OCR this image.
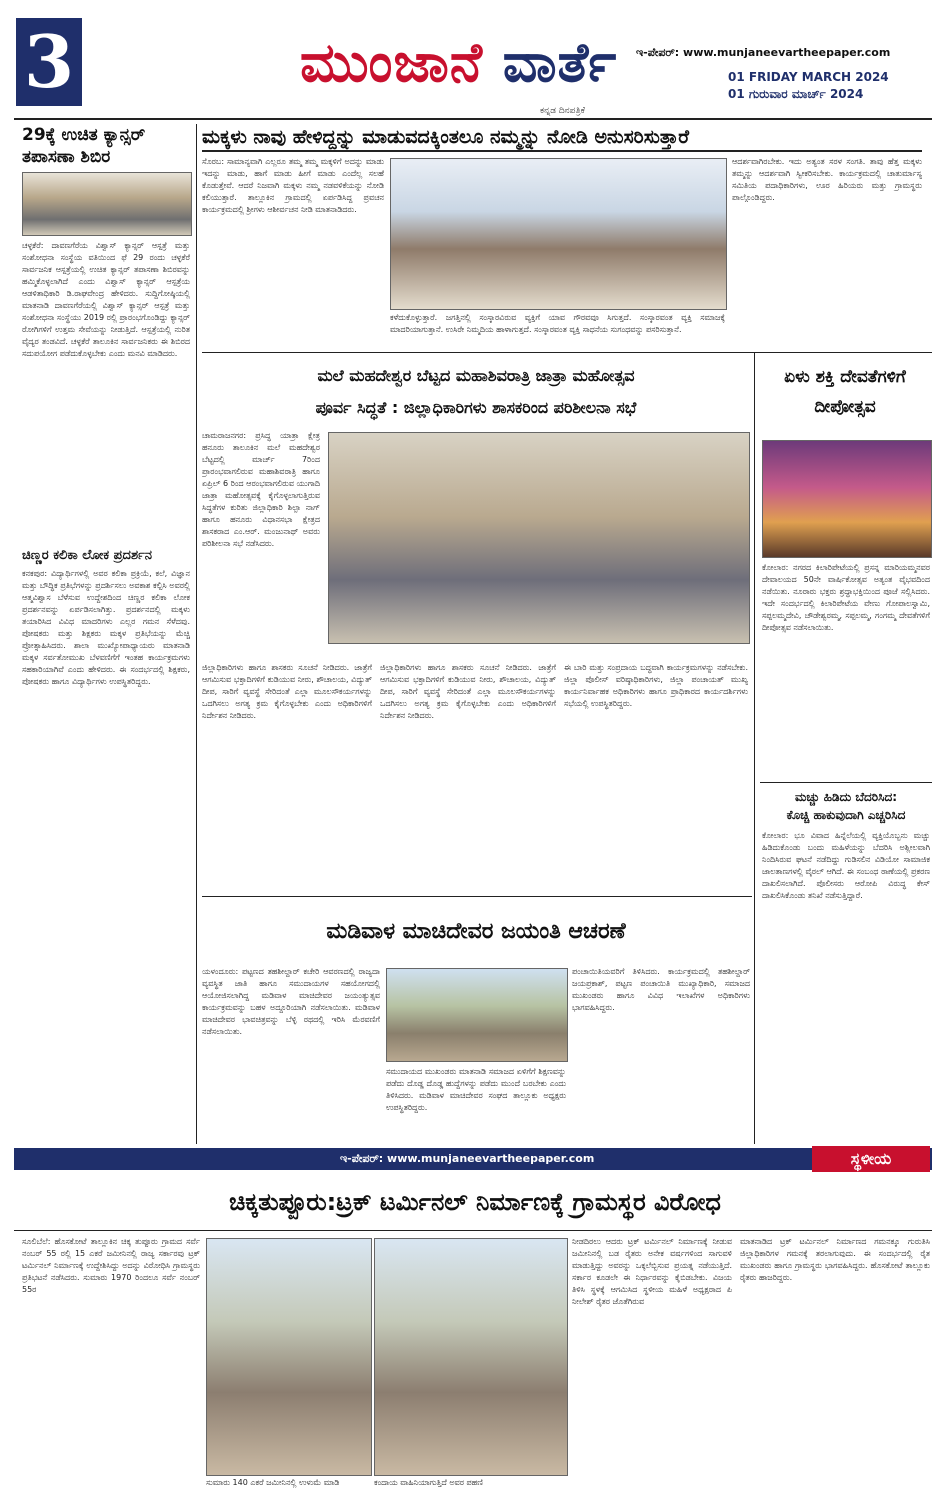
3	ಮುಂಜಾನೆ ವಾರ್ತೆ
ಕನ್ನಡ ದಿನಪತ್ರಿಕೆ
ಇ-ಪೇಪರ್: www.munjaneevartheepaper.com
01 FRIDAY MARCH 2024
01 ಗುರುವಾರ ಮಾರ್ಚ್ 2024
29ಕ್ಕೆ ಉಚಿತ ಕ್ಯಾನ್ಸರ್ ತಪಾಸಣಾ ಶಿಬಿರ
ಚಳ್ಳಕೆರೆ: ದಾವಣಗೆರೆಯ ವಿಶ್ವಾಸ್ ಕ್ಯಾನ್ಸರ್ ಆಸ್ಪತ್ರೆ ಮತ್ತು ಸಂಶೋಧನಾ ಸಂಸ್ಥೆಯ ವತಿಯಿಂದ ಫೆ 29 ರಂದು ಚಳ್ಳಕೆರೆ ಸಾರ್ವಜನಿಕ ಆಸ್ಪತ್ರೆಯಲ್ಲಿ ಉಚಿತ ಕ್ಯಾನ್ಸರ್ ತಪಾಸಣಾ ಶಿಬಿರವನ್ನು ಹಮ್ಮಿಕೊಳ್ಳಲಾಗಿದೆ ಎಂದು ವಿಶ್ವಾಸ್ ಕ್ಯಾನ್ಸರ್ ಆಸ್ಪತ್ರೆಯ ಆಡಳಿತಾಧಿಕಾರಿ ಡಿ.ರಾಘವೇಂದ್ರ ಹೇಳಿದರು. ಸುದ್ದಿಗೋಷ್ಠಿಯಲ್ಲಿ ಮಾತನಾಡಿ ದಾವಣಗೆರೆಯಲ್ಲಿ ವಿಶ್ವಾಸ್ ಕ್ಯಾನ್ಸರ್ ಆಸ್ಪತ್ರೆ ಮತ್ತು ಸಂಶೋಧನಾ ಸಂಸ್ಥೆಯು 2019 ರಲ್ಲಿ ಪ್ರಾರಂಭಗೊಂಡಿದ್ದು ಕ್ಯಾನ್ಸರ್ ರೋಗಿಗಳಿಗೆ ಉತ್ತಮ ಸೇವೆಯನ್ನು ನೀಡುತ್ತಿದೆ. ಆಸ್ಪತ್ರೆಯಲ್ಲಿ ನುರಿತ ವೈದ್ಯರ ತಂಡವಿದೆ. ಚಳ್ಳಕೆರೆ ತಾಲೂಕಿನ ಸಾರ್ವಜನಿಕರು ಈ ಶಿಬಿರದ ಸದುಪಯೋಗ ಪಡೆದುಕೊಳ್ಳಬೇಕು ಎಂದು ಮನವಿ ಮಾಡಿದರು.
ಚಿಣ್ಣರ ಕಲಿಕಾ ಲೋಕ ಪ್ರದರ್ಶನ
ಕನಕಪುರ: ವಿದ್ಯಾರ್ಥಿಗಳಲ್ಲಿ ಅವರ ಕಲಿಕಾ ಪ್ರಕ್ರಿಯೆ, ಕಲೆ, ವಿಜ್ಞಾನ ಮತ್ತು ಬೌದ್ಧಿಕ ಪ್ರತಿಭೆಗಳನ್ನು ಪ್ರದರ್ಶಿಸಲು ಅವಕಾಶ ಕಲ್ಪಿಸಿ ಅವರಲ್ಲಿ ಆತ್ಮವಿಶ್ವಾಸ ಬೆಳೆಸುವ ಉದ್ದೇಶದಿಂದ ಚಿಣ್ಣರ ಕಲಿಕಾ ಲೋಕ ಪ್ರದರ್ಶನವನ್ನು ಏರ್ಪಡಿಸಲಾಗಿತ್ತು. ಪ್ರದರ್ಶನದಲ್ಲಿ ಮಕ್ಕಳು ತಯಾರಿಸಿದ ವಿವಿಧ ಮಾದರಿಗಳು ಎಲ್ಲರ ಗಮನ ಸೆಳೆದವು. ಪೋಷಕರು ಮತ್ತು ಶಿಕ್ಷಕರು ಮಕ್ಕಳ ಪ್ರತಿಭೆಯನ್ನು ಮೆಚ್ಚಿ ಪ್ರೋತ್ಸಾಹಿಸಿದರು. ಶಾಲಾ ಮುಖ್ಯೋಪಾಧ್ಯಾಯರು ಮಾತನಾಡಿ ಮಕ್ಕಳ ಸರ್ವತೋಮುಖ ಬೆಳವಣಿಗೆಗೆ ಇಂತಹ ಕಾರ್ಯಕ್ರಮಗಳು ಸಹಕಾರಿಯಾಗಿವೆ ಎಂದು ಹೇಳಿದರು. ಈ ಸಂದರ್ಭದಲ್ಲಿ ಶಿಕ್ಷಕರು, ಪೋಷಕರು ಹಾಗೂ ವಿದ್ಯಾರ್ಥಿಗಳು ಉಪಸ್ಥಿತರಿದ್ದರು.
ಮಕ್ಕಳು ನಾವು ಹೇಳಿದ್ದನ್ನು ಮಾಡುವದಕ್ಕಿಂತಲೂ ನಮ್ಮನ್ನು ನೋಡಿ ಅನುಸರಿಸುತ್ತಾರೆ
ಸೊರಬ: ಸಾಮಾನ್ಯವಾಗಿ ಎಲ್ಲರೂ ತಮ್ಮ ತಮ್ಮ ಮಕ್ಕಳಿಗೆ ಅದನ್ನು ಮಾಡು ಇದನ್ನು ಮಾಡು, ಹಾಗೆ ಮಾಡು ಹೀಗೆ ಮಾಡು ಎಂದೆಲ್ಲ ಸಲಹೆ ಕೊಡುತ್ತೇವೆ. ಆದರೆ ನಿಜವಾಗಿ ಮಕ್ಕಳು ನಮ್ಮ ನಡವಳಿಕೆಯನ್ನು ನೋಡಿ ಕಲಿಯುತ್ತಾರೆ. ತಾಲ್ಲೂಕಿನ ಗ್ರಾಮದಲ್ಲಿ ಏರ್ಪಡಿಸಿದ್ದ ಪ್ರವಚನ ಕಾರ್ಯಕ್ರಮದಲ್ಲಿ ಶ್ರೀಗಳು ಆಶೀರ್ವಚನ ನೀಡಿ ಮಾತನಾಡಿದರು.
ಕಳೆದುಕೊಳ್ಳುತ್ತಾರೆ. ಜಗತ್ತಿನಲ್ಲಿ ಸಂಸ್ಕಾರವಿರುವ ವ್ಯಕ್ತಿಗೆ ಯಾವ ಗೌರವವೂ ಸಿಗುತ್ತದೆ. ಸಂಸ್ಕಾರವಂತ ವ್ಯಕ್ತಿ ಸಮಾಜಕ್ಕೆ ಮಾದರಿಯಾಗುತ್ತಾನೆ. ಉಸಿರೇ ನಿಮ್ಮದಿಯ ಹಾಳಾಗುತ್ತದೆ. ಸಂಸ್ಕಾರವಂತ ವ್ಯಕ್ತಿ ಸಾಧನೆಯ ಸುಗಂಧವನ್ನು ಪಸರಿಸುತ್ತಾನೆ.
ಆದರ್ಶವಾಗಿರಬೇಕು. ಇದು ಅತ್ಯಂತ ಸರಳ ಸಂಗತಿ. ತಾವು ಹೆತ್ತ ಮಕ್ಕಳು ತಮ್ಮನ್ನು ಆದರ್ಶವಾಗಿ ಸ್ವೀಕರಿಸಬೇಕು. ಕಾರ್ಯಕ್ರಮದಲ್ಲಿ ಚಾತುರ್ಮಾಸ್ಯ ಸಮಿತಿಯ ಪದಾಧಿಕಾರಿಗಳು, ಊರ ಹಿರಿಯರು ಮತ್ತು ಗ್ರಾಮಸ್ಥರು ಪಾಲ್ಗೊಂಡಿದ್ದರು.
ಮಲೆ ಮಹದೇಶ್ವರ ಬೆಟ್ಟದ ಮಹಾಶಿವರಾತ್ರಿ ಜಾತ್ರಾ ಮಹೋತ್ಸವ
ಪೂರ್ವ ಸಿದ್ಧತೆ : ಜಿಲ್ಲಾಧಿಕಾರಿಗಳು ಶಾಸಕರಿಂದ ಪರಿಶೀಲನಾ ಸಭೆ
ಚಾಮರಾಜನಗರ: ಪ್ರಸಿದ್ಧ ಯಾತ್ರಾ ಕ್ಷೇತ್ರ ಹನೂರು ತಾಲೂಕಿನ ಮಲೆ ಮಹದೇಶ್ವರ ಬೆಟ್ಟದಲ್ಲಿ ಮಾರ್ಚ್ 7ರಿಂದ ಪ್ರಾರಂಭವಾಗಲಿರುವ ಮಹಾಶಿವರಾತ್ರಿ ಹಾಗೂ ಏಪ್ರಿಲ್ 6 ರಿಂದ ಆರಂಭವಾಗಲಿರುವ ಯುಗಾದಿ ಜಾತ್ರಾ ಮಹೋತ್ಸವಕ್ಕೆ ಕೈಗೊಳ್ಳಲಾಗುತ್ತಿರುವ ಸಿದ್ಧತೆಗಳ ಕುರಿತು ಜಿಲ್ಲಾಧಿಕಾರಿ ಶಿಲ್ಪಾ ನಾಗ್ ಹಾಗೂ ಹನೂರು ವಿಧಾನಸಭಾ ಕ್ಷೇತ್ರದ ಶಾಸಕರಾದ ಎಂ.ಆರ್. ಮಂಜುನಾಥ್ ಅವರು ಪರಿಶೀಲನಾ ಸಭೆ ನಡೆಸಿದರು.
ಜಿಲ್ಲಾಧಿಕಾರಿಗಳು ಹಾಗೂ ಶಾಸಕರು ಸೂಚನೆ ನೀಡಿದರು. ಜಾತ್ರೆಗೆ ಆಗಮಿಸುವ ಭಕ್ತಾದಿಗಳಿಗೆ ಕುಡಿಯುವ ನೀರು, ಶೌಚಾಲಯ, ವಿದ್ಯುತ್ ದೀಪ, ಸಾರಿಗೆ ವ್ಯವಸ್ಥೆ ಸೇರಿದಂತೆ ಎಲ್ಲಾ ಮೂಲಸೌಕರ್ಯಗಳನ್ನು ಒದಗಿಸಲು ಅಗತ್ಯ ಕ್ರಮ ಕೈಗೊಳ್ಳಬೇಕು ಎಂದು ಅಧಿಕಾರಿಗಳಿಗೆ ನಿರ್ದೇಶನ ನೀಡಿದರು.
ಜಿಲ್ಲಾಧಿಕಾರಿಗಳು ಹಾಗೂ ಶಾಸಕರು ಸೂಚನೆ ನೀಡಿದರು. ಜಾತ್ರೆಗೆ ಆಗಮಿಸುವ ಭಕ್ತಾದಿಗಳಿಗೆ ಕುಡಿಯುವ ನೀರು, ಶೌಚಾಲಯ, ವಿದ್ಯುತ್ ದೀಪ, ಸಾರಿಗೆ ವ್ಯವಸ್ಥೆ ಸೇರಿದಂತೆ ಎಲ್ಲಾ ಮೂಲಸೌಕರ್ಯಗಳನ್ನು ಒದಗಿಸಲು ಅಗತ್ಯ ಕ್ರಮ ಕೈಗೊಳ್ಳಬೇಕು ಎಂದು ಅಧಿಕಾರಿಗಳಿಗೆ ನಿರ್ದೇಶನ ನೀಡಿದರು.
ಈ ಬಾರಿ ಮತ್ತು ಸಂಪ್ರದಾಯ ಬದ್ಧವಾಗಿ ಕಾರ್ಯಕ್ರಮಗಳನ್ನು ನಡೆಸಬೇಕು. ಜಿಲ್ಲಾ ಪೊಲೀಸ್ ವರಿಷ್ಠಾಧಿಕಾರಿಗಳು, ಜಿಲ್ಲಾ ಪಂಚಾಯತ್ ಮುಖ್ಯ ಕಾರ್ಯನಿರ್ವಾಹಕ ಅಧಿಕಾರಿಗಳು ಹಾಗೂ ಪ್ರಾಧಿಕಾರದ ಕಾರ್ಯದರ್ಶಿಗಳು ಸಭೆಯಲ್ಲಿ ಉಪಸ್ಥಿತರಿದ್ದರು.
ಏಳು ಶಕ್ತಿ ದೇವತೆಗಳಿಗೆ ದೀಪೋತ್ಸವ
ಕೋಲಾರ: ನಗರದ ಕಿಲಾರಿಪೇಟೆಯಲ್ಲಿ ಪ್ರಸನ್ನ ಮಾರಿಯಮ್ಮನವರ ದೇವಾಲಯದ 50ನೇ ವಾರ್ಷಿಕೋತ್ಸವ ಅತ್ಯಂತ ವೈಭವದಿಂದ ನಡೆಯಿತು. ನೂರಾರು ಭಕ್ತರು ಶ್ರದ್ಧಾಭಕ್ತಿಯಿಂದ ಪೂಜೆ ಸಲ್ಲಿಸಿದರು. ಇದೇ ಸಂದರ್ಭದಲ್ಲಿ ಕಿಲಾರಿಪೇಟೆಯ ವೇಣು ಗೋಪಾಲಸ್ವಾಮಿ, ಸಪ್ಪಲಮ್ಮದೇವಿ, ಚೌಡೇಶ್ವರಮ್ಮ, ಸಪ್ಪಲಮ್ಮ, ಗಂಗಮ್ಮ ದೇವತೆಗಳಿಗೆ ದೀಪೋತ್ಸವ ನಡೆಸಲಾಯಿತು.
ಮಚ್ಚು ಹಿಡಿದು ಬೆದರಿಸಿದ:
ಕೊಚ್ಚಿ ಹಾಕುವುದಾಗಿ ಎಚ್ಚರಿಸಿದ
ಕೋಲಾರ: ಭೂ ವಿವಾದ ಹಿನ್ನೆಲೆಯಲ್ಲಿ ವ್ಯಕ್ತಿಯೊಬ್ಬನು ಮಚ್ಚು ಹಿಡಿದುಕೊಂಡು ಬಂದು ಮಹಿಳೆಯನ್ನು ಬೆದರಿಸಿ ಅಶ್ಲೀಲವಾಗಿ ನಿಂದಿಸಿರುವ ಘಟನೆ ನಡೆದಿದ್ದು ಗುಡಿಸಲಿನ ವಿಡಿಯೋ ಸಾಮಾಜಿಕ ಜಾಲತಾಣಗಳಲ್ಲಿ ವೈರಲ್ ಆಗಿದೆ. ಈ ಸಂಬಂಧ ಠಾಣೆಯಲ್ಲಿ ಪ್ರಕರಣ ದಾಖಲಿಸಲಾಗಿದೆ. ಪೊಲೀಸರು ಆರೋಪಿ ವಿರುದ್ಧ ಕೇಸ್ ದಾಖಲಿಸಿಕೊಂಡು ತನಿಖೆ ನಡೆಸುತ್ತಿದ್ದಾರೆ.
ಮಡಿವಾಳ ಮಾಚಿದೇವರ ಜಯಂತಿ ಆಚರಣೆ
ಯಳಂದೂರು: ಪಟ್ಟಣದ ತಹಶೀಲ್ದಾರ್ ಕಚೇರಿ ಆವರಣದಲ್ಲಿ ರಾಜ್ಯದಾ ವ್ಯವಸ್ಥಿತ ಜಾತಿ ಹಾಗೂ ಸಮುದಾಯಗಳ ಸಹಯೋಗದಲ್ಲಿ ಆಯೋಜಿಸಲಾಗಿದ್ದ ಮಡಿವಾಳ ಮಾಚಿದೇವರ ಜಯಂತ್ಯುತ್ಸವ ಕಾರ್ಯಕ್ರಮವನ್ನು ಬಹಳ ಅದ್ದೂರಿಯಾಗಿ ನಡೆಸಲಾಯಿತು. ಮಡಿವಾಳ ಮಾಚಿದೇವರ ಭಾವಚಿತ್ರವನ್ನು ಬೆಳ್ಳಿ ರಥದಲ್ಲಿ ಇರಿಸಿ ಮೆರವಣಿಗೆ ನಡೆಸಲಾಯಿತು.
ಸಮುದಾಯದ ಮುಖಂಡರು ಮಾತನಾಡಿ ಸಮಾಜದ ಏಳಿಗೆಗೆ ಶಿಕ್ಷಣವನ್ನು ಪಡೆದು ದೊಡ್ಡ ದೊಡ್ಡ ಹುದ್ದೆಗಳನ್ನು ಪಡೆದು ಮುಂದೆ ಬರಬೇಕು ಎಂದು ತಿಳಿಸಿದರು. ಮಡಿವಾಳ ಮಾಚಿದೇವರ ಸಂಘದ ತಾಲ್ಲೂಕು ಅಧ್ಯಕ್ಷರು ಉಪಸ್ಥಿತರಿದ್ದರು.
ಪಂಚಾಯಿತಿಯವರಿಗೆ ತಿಳಿಸಿದರು. ಕಾರ್ಯಕ್ರಮದಲ್ಲಿ ತಹಶೀಲ್ದಾರ್ ಜಯಪ್ರಕಾಶ್, ಪಟ್ಟಣ ಪಂಚಾಯಿತಿ ಮುಖ್ಯಾಧಿಕಾರಿ, ಸಮಾಜದ ಮುಖಂಡರು ಹಾಗೂ ವಿವಿಧ ಇಲಾಖೆಗಳ ಅಧಿಕಾರಿಗಳು ಭಾಗವಹಿಸಿದ್ದರು.
ಇ-ಪೇಪರ್: www.munjaneevartheepaper.com	ಸ್ಥಳೀಯ
ಚಿಕ್ಕತುಪ್ಪೂರು:ಟ್ರಕ್ ಟರ್ಮಿನಲ್ ನಿರ್ಮಾಣಕ್ಕೆ ಗ್ರಾಮಸ್ಥರ ವಿರೋಧ
ಸೂಲಿಬೆಲೆ: ಹೊಸಕೋಟೆ ತಾಲ್ಲೂಕಿನ ಚಿಕ್ಕ ತುಪ್ಪೂರು ಗ್ರಾಮದ ಸರ್ವೆ ನಂಬರ್ 55 ರಲ್ಲಿ 15 ಎಕರೆ ಜಮೀನಿನಲ್ಲಿ ರಾಜ್ಯ ಸರ್ಕಾರವು ಟ್ರಕ್ ಟರ್ಮಿನಲ್ ನಿರ್ಮಾಣಕ್ಕೆ ಉದ್ದೇಶಿಸಿದ್ದು ಅದನ್ನು ವಿರೋಧಿಸಿ ಗ್ರಾಮಸ್ಥರು ಪ್ರತಿಭಟನೆ ನಡೆಸಿದರು. ಸುಮಾರು 1970 ರಿಂದಲೂ ಸರ್ವೆ ನಂಬರ್ 55ರ
ಸುಮಾರು 140 ಎಕರೆ ಜಮೀನಿನಲ್ಲಿ ಉಳುಮೆ ಮಾಡಿ	ಕಂದಾಯ ವಾಹಿನಿಯಾಗುತ್ತಿದೆ ಅವರ ಪಹಣಿ
ನೀಡದಿರಲು ಆದರು ಟ್ರಕ್ ಟರ್ಮಿನಲ್ ನಿರ್ಮಾಣಕ್ಕೆ ನೀಡುವ ಜಮೀನಿನಲ್ಲಿ ಬಡ ರೈತರು ಅನೇಕ ವರ್ಷಗಳಿಂದ ಸಾಗುವಳಿ ಮಾಡುತ್ತಿದ್ದು ಅವರನ್ನು ಒಕ್ಕಲೆಬ್ಬಿಸುವ ಪ್ರಯತ್ನ ನಡೆಯುತ್ತಿದೆ. ಸರ್ಕಾರ ಕೂಡಲೇ ಈ ನಿರ್ಧಾರವನ್ನು ಕೈಬಿಡಬೇಕು. ವಿಜಯ ತಿಳಿಸಿ ಸ್ಥಳಕ್ಕೆ ಆಗಮಿಸಿದ ಸ್ಥಳೀಯ ಮಹಿಳೆ ಅಧ್ಯಕ್ಷರಾದ ಪಿ ನೀಲೇಶ್ ರೈತರ ಜೊತೆಗಿರುವ
ಮಾತನಾಡಿದ ಟ್ರಕ್ ಟರ್ಮಿನಲ್ ನಿರ್ಮಾಣದ ಗಮನಕ್ಕೂ ಗುರುತಿಸಿ ಜಿಲ್ಲಾಧಿಕಾರಿಗಳ ಗಮನಕ್ಕೆ ತರಲಾಗುವುದು. ಈ ಸಂದರ್ಭದಲ್ಲಿ ರೈತ ಮುಖಂಡರು ಹಾಗೂ ಗ್ರಾಮಸ್ಥರು ಭಾಗವಹಿಸಿದ್ದರು. ಹೊಸಕೋಟೆ ತಾಲ್ಲೂಕು ರೈತರು ಹಾಜರಿದ್ದರು.
